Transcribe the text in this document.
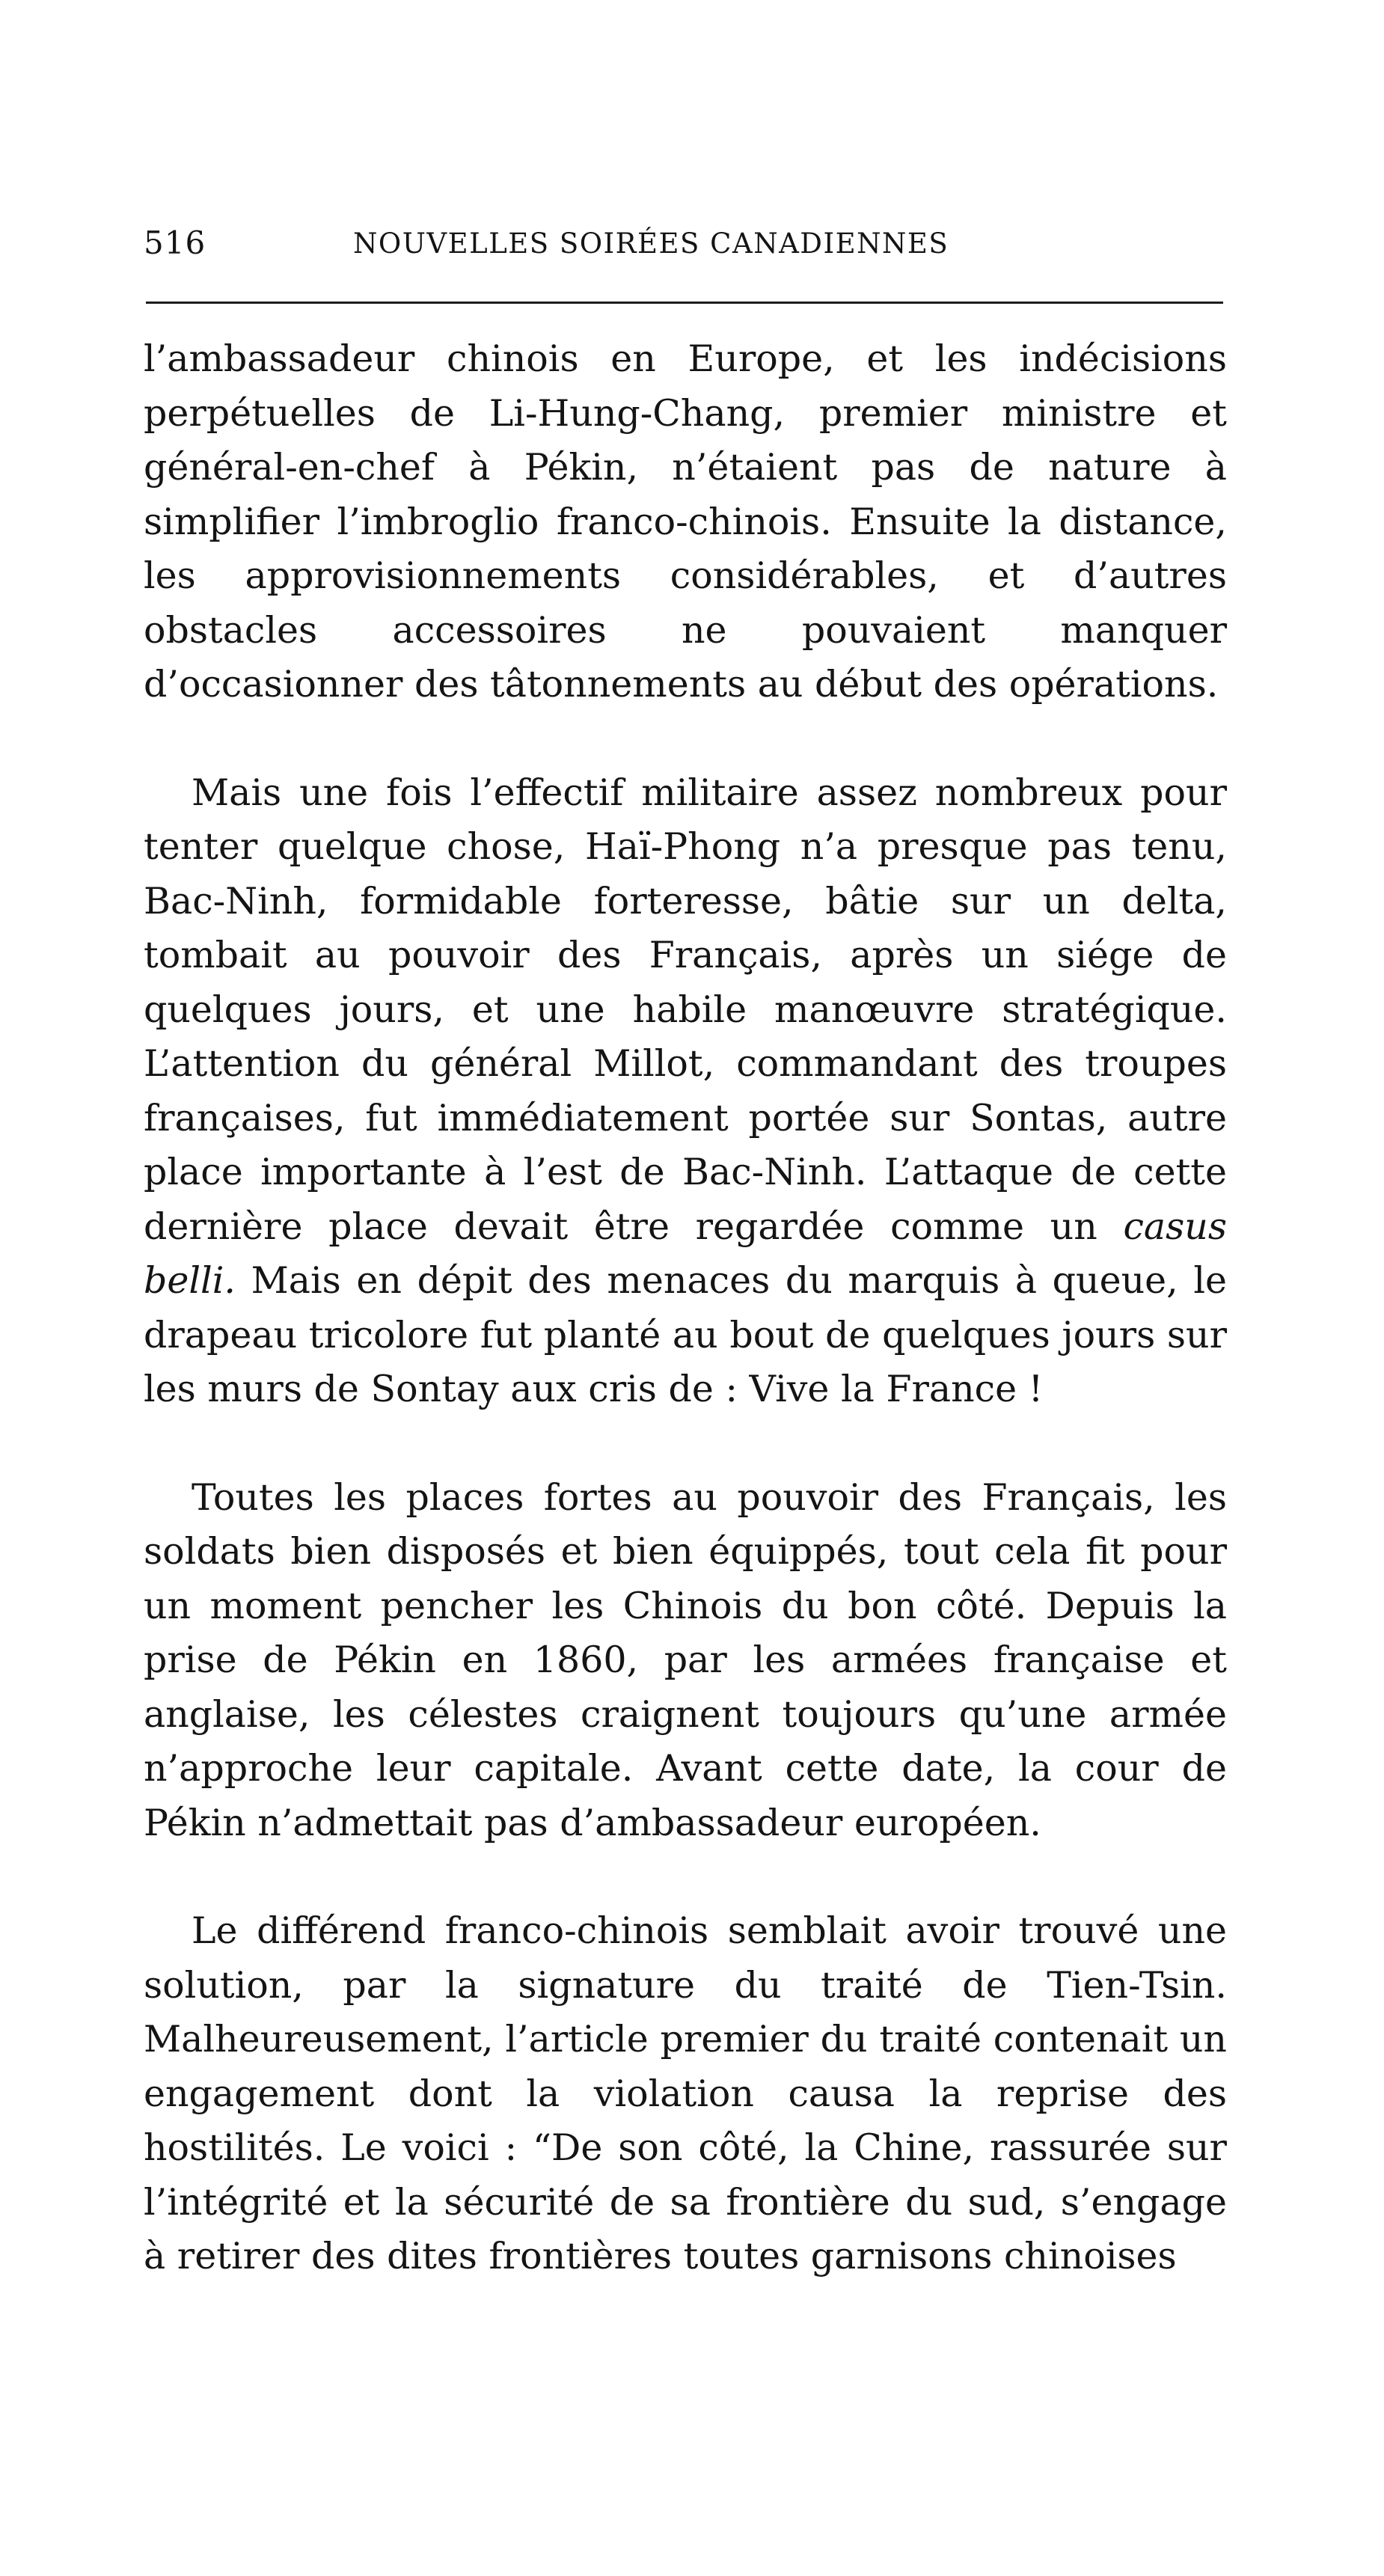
516	NOUVELLES SOIRÉES CANADIENNES

l’ambassadeur chinois en Europe, et les indécisions perpétuelles de Li-Hung-Chang, premier ministre et général-en-chef à Pékin, n’étaient pas de nature à simplifier l’imbroglio franco-chinois. Ensuite la distance, les approvisionnements considérables, et d’autres obstacles accessoires ne pouvaient manquer d’occasionner des tâtonnements au début des opérations.

Mais une fois l’effectif militaire assez nombreux pour tenter quelque chose, Haï-Phong n’a presque pas tenu, Bac-Ninh, formidable forteresse, bâtie sur un delta, tombait au pouvoir des Français, après un siége de quelques jours, et une habile manœuvre stratégique. L’attention du général Millot, commandant des troupes françaises, fut immédiatement portée sur Sontas, autre place importante à l’est de Bac-Ninh. L’attaque de cette dernière place devait être regardée comme un casus belli. Mais en dépit des menaces du marquis à queue, le drapeau tricolore fut planté au bout de quelques jours sur les murs de Sontay aux cris de : Vive la France !

Toutes les places fortes au pouvoir des Français, les soldats bien disposés et bien équippés, tout cela fit pour un moment pencher les Chinois du bon côté. Depuis la prise de Pékin en 1860, par les armées française et anglaise, les célestes craignent toujours qu’une armée n’approche leur capitale. Avant cette date, la cour de Pékin n’admettait pas d’ambassadeur européen.

Le différend franco-chinois semblait avoir trouvé une solution, par la signature du traité de Tien-Tsin. Malheureusement, l’article premier du traité contenait un engagement dont la violation causa la reprise des hostilités. Le voici : “De son côté, la Chine, rassurée sur l’intégrité et la sécurité de sa frontière du sud, s’engage à retirer des dites frontières toutes garnisons chinoises
